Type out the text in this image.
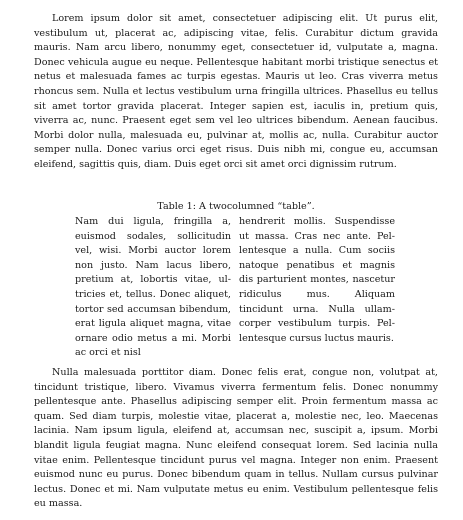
Lorem ipsum dolor sit amet, consectetuer adipiscing elit. Ut purus elit, vestibulum ut, placerat ac, adipiscing vitae, felis. Curabitur dictum gravida mauris. Nam arcu libero, nonummy eget, consectetuer id, vulputate a, magna. Donec vehicula augue eu neque. Pellentesque habitant morbi tristique senectus et netus et malesuada fames ac turpis egestas. Mauris ut leo. Cras viverra metus rhoncus sem. Nulla et lectus vestibulum urna fringilla ultrices. Phasellus eu tellus sit amet tortor gravida placerat. Integer sapien est, iaculis in, pretium quis, viverra ac, nunc. Praesent eget sem vel leo ultrices bibendum. Aenean faucibus. Morbi dolor nulla, malesuada eu, pulvinar at, mollis ac, nulla. Curabitur auctor semper nulla. Donec varius orci eget risus. Duis nibh mi, congue eu, accumsan eleifend, sagittis quis, diam. Duis eget orci sit amet orci dignissim rutrum.

Table 1: A twocolumned “table”.

Nam dui ligula, fringilla a, euismod sodales, sollicitudin vel, wisi. Morbi auctor lorem non justo. Nam lacus libero, pretium at, lobortis vitae, ultricies et, tellus. Donec aliquet, tortor sed accumsan bibendum, erat ligula aliquet magna, vitae ornare odio metus a mi. Morbi ac orci et nisl

hendrerit mollis. Suspendisse ut massa. Cras nec ante. Pellentesque a nulla. Cum sociis natoque penatibus et magnis dis parturient montes, nascetur ridiculus mus. Aliquam tincidunt urna. Nulla ullamcorper vestibulum turpis. Pellentesque cursus luctus mauris.

Nulla malesuada porttitor diam. Donec felis erat, congue non, volutpat at, tincidunt tristique, libero. Vivamus viverra fermentum felis. Donec nonummy pellentesque ante. Phasellus adipiscing semper elit. Proin fermentum massa ac quam. Sed diam turpis, molestie vitae, placerat a, molestie nec, leo. Maecenas lacinia. Nam ipsum ligula, eleifend at, accumsan nec, suscipit a, ipsum. Morbi blandit ligula feugiat magna. Nunc eleifend consequat lorem. Sed lacinia nulla vitae enim. Pellentesque tincidunt purus vel magna. Integer non enim. Praesent euismod nunc eu purus. Donec bibendum quam in tellus. Nullam cursus pulvinar lectus. Donec et mi. Nam vulputate metus eu enim. Vestibulum pellentesque felis eu massa.
